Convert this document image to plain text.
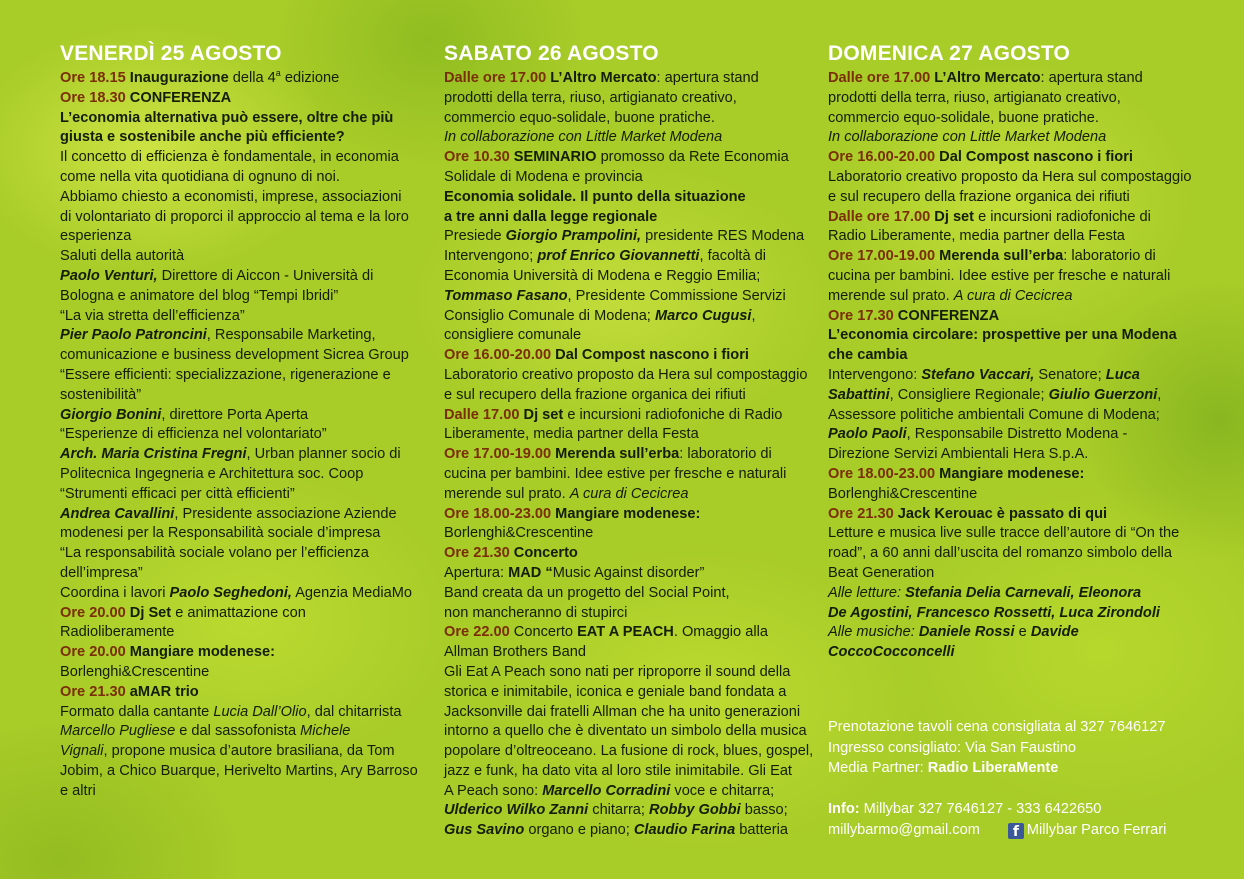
VENERDÌ 25 AGOSTO
Ore 18.15 Inaugurazione della 4$^a$ edizione
Ore 18.30 CONFERENZA
L’economia alternativa può essere, oltre che più
giusta e sostenibile anche più efficiente?
Il concetto di efficienza è fondamentale, in economia
come nella vita quotidiana di ognuno di noi.
Abbiamo chiesto a economisti, imprese, associazioni
di volontariato di proporci il approccio al tema e la loro
esperienza
Saluti della autorità
Paolo Venturi, Direttore di Aiccon - Università di
Bologna e animatore del blog “Tempi Ibridi”
“La via stretta dell’efficienza”
Pier Paolo Patroncini, Responsabile Marketing,
comunicazione e business development Sicrea Group
“Essere efficienti: specializzazione, rigenerazione e
sostenibilità”
Giorgio Bonini, direttore Porta Aperta
“Esperienze di efficienza nel volontariato”
Arch. Maria Cristina Fregni, Urban planner socio di
Politecnica Ingegneria e Architettura soc. Coop
“Strumenti efficaci per città efficienti”
Andrea Cavallini, Presidente associazione Aziende
modenesi per la Responsabilità sociale d’impresa
“La responsabilità sociale volano per l’efficienza
dell’impresa”
Coordina i lavori Paolo Seghedoni, Agenzia MediaMo
Ore 20.00 Dj Set e animattazione con
Radioliberamente
Ore 20.00 Mangiare modenese:
Borlenghi&Crescentine
Ore 21.30 aMAR trio
Formato dalla cantante Lucia Dall’Olio, dal chitarrista
Marcello Pugliese e dal sassofonista Michele
Vignali, propone musica d’autore brasiliana, da Tom
Jobim, a Chico Buarque, Herivelto Martins, Ary Barroso
e altri
SABATO 26 AGOSTO
Dalle ore 17.00 L’Altro Mercato: apertura stand
prodotti della terra, riuso, artigianato creativo,
commercio equo-solidale, buone pratiche.
In collaborazione con Little Market Modena
Ore 10.30 SEMINARIO promosso da Rete Economia
Solidale di Modena e provincia
Economia solidale. Il punto della situazione
a tre anni dalla legge regionale
Presiede Giorgio Prampolini, presidente RES Modena
Intervengono; prof Enrico Giovannetti, facoltà di
Economia Università di Modena e Reggio Emilia;
Tommaso Fasano, Presidente Commissione Servizi
Consiglio Comunale di Modena; Marco Cugusi,
consigliere comunale
Ore 16.00-20.00 Dal Compost nascono i fiori
Laboratorio creativo proposto da Hera sul compostaggio
e sul recupero della frazione organica dei rifiuti
Dalle 17.00 Dj set e incursioni radiofoniche di Radio
Liberamente, media partner della Festa
Ore 17.00-19.00 Merenda sull’erba: laboratorio di
cucina per bambini. Idee estive per fresche e naturali
merende sul prato. A cura di Cecicrea
Ore 18.00-23.00 Mangiare modenese:
Borlenghi&Crescentine
Ore 21.30 Concerto
Apertura: MAD “Music Against disorder”
Band creata da un progetto del Social Point,
non mancheranno di stupirci
Ore 22.00 Concerto EAT A PEACH. Omaggio alla
Allman Brothers Band
Gli Eat A Peach sono nati per riproporre il sound della
storica e inimitabile, iconica e geniale band fondata a
Jacksonville dai fratelli Allman che ha unito generazioni
intorno a quello che è diventato un simbolo della musica
popolare d’oltreoceano. La fusione di rock, blues, gospel,
jazz e funk, ha dato vita al loro stile inimitabile. Gli Eat
A Peach sono: Marcello Corradini voce e chitarra;
Ulderico Wilko Zanni chitarra; Robby Gobbi basso;
Gus Savino organo e piano; Claudio Farina batteria
DOMENICA 27 AGOSTO
Dalle ore 17.00 L’Altro Mercato: apertura stand
prodotti della terra, riuso, artigianato creativo,
commercio equo-solidale, buone pratiche.
In collaborazione con Little Market Modena
Ore 16.00-20.00 Dal Compost nascono i fiori
Laboratorio creativo proposto da Hera sul compostaggio
e sul recupero della frazione organica dei rifiuti
Dalle ore 17.00 Dj set e incursioni radiofoniche di
Radio Liberamente, media partner della Festa
Ore 17.00-19.00 Merenda sull’erba: laboratorio di
cucina per bambini. Idee estive per fresche e naturali
merende sul prato. A cura di Cecicrea
Ore 17.30 CONFERENZA
L’economia circolare: prospettive per una Modena
che cambia
Intervengono: Stefano Vaccari, Senatore; Luca
Sabattini, Consigliere Regionale; Giulio Guerzoni,
Assessore politiche ambientali Comune di Modena;
Paolo Paoli, Responsabile Distretto Modena -
Direzione Servizi Ambientali Hera S.p.A.
Ore 18.00-23.00 Mangiare modenese:
Borlenghi&Crescentine
Ore 21.30 Jack Kerouac è passato di qui
Letture e musica live sulle tracce dell’autore di “On the
road”, a 60 anni dall’uscita del romanzo simbolo della
Beat Generation
Alle letture: Stefania Delia Carnevali, Eleonora
De Agostini, Francesco Rossetti, Luca Zirondoli
Alle musiche: Daniele Rossi e Davide
CoccoCocconcelli
Prenotazione tavoli cena consigliata al 327 7646127
Ingresso consigliato: Via San Faustino
Media Partner: Radio LiberaMente
Info: Millybar 327 7646127 - 333 6422650
millybarmo@gmail.com f Millybar Parco Ferrari
